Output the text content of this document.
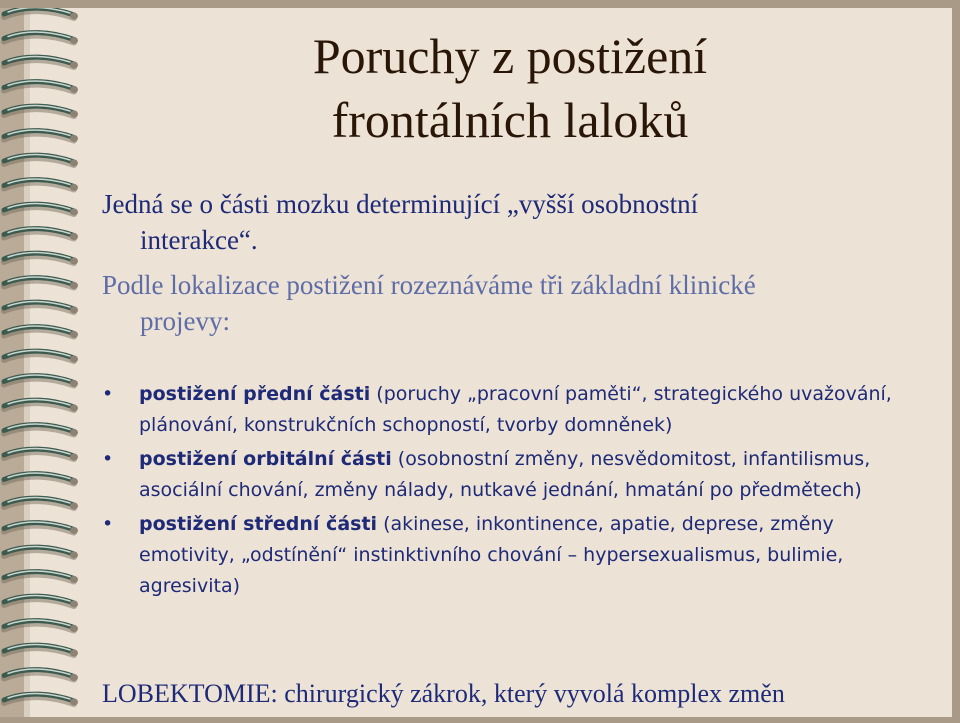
Poruchy z postižení
frontálních laloků
Jedná se o části mozku determinující „vyšší osobnostní
interakce“.
Podle lokalizace postižení rozeznáváme tři základní klinické
projevy:
• postižení přední části (poruchy „pracovní paměti“, strategického uvažování, plánování, konstrukčních schopností, tvorby domněnek)
• postižení orbitální části (osobnostní změny, nesvědomitost, infantilismus, asociální chování, změny nálady, nutkavé jednání, hmatání po předmětech)
• postižení střední části (akinese, inkontinence, apatie, deprese, změny emotivity, „odstínění“ instinktivního chování – hypersexualismus, bulimie, agresivita)
LOBEKTOMIE: chirurgický zákrok, který vyvolá komplex změn
